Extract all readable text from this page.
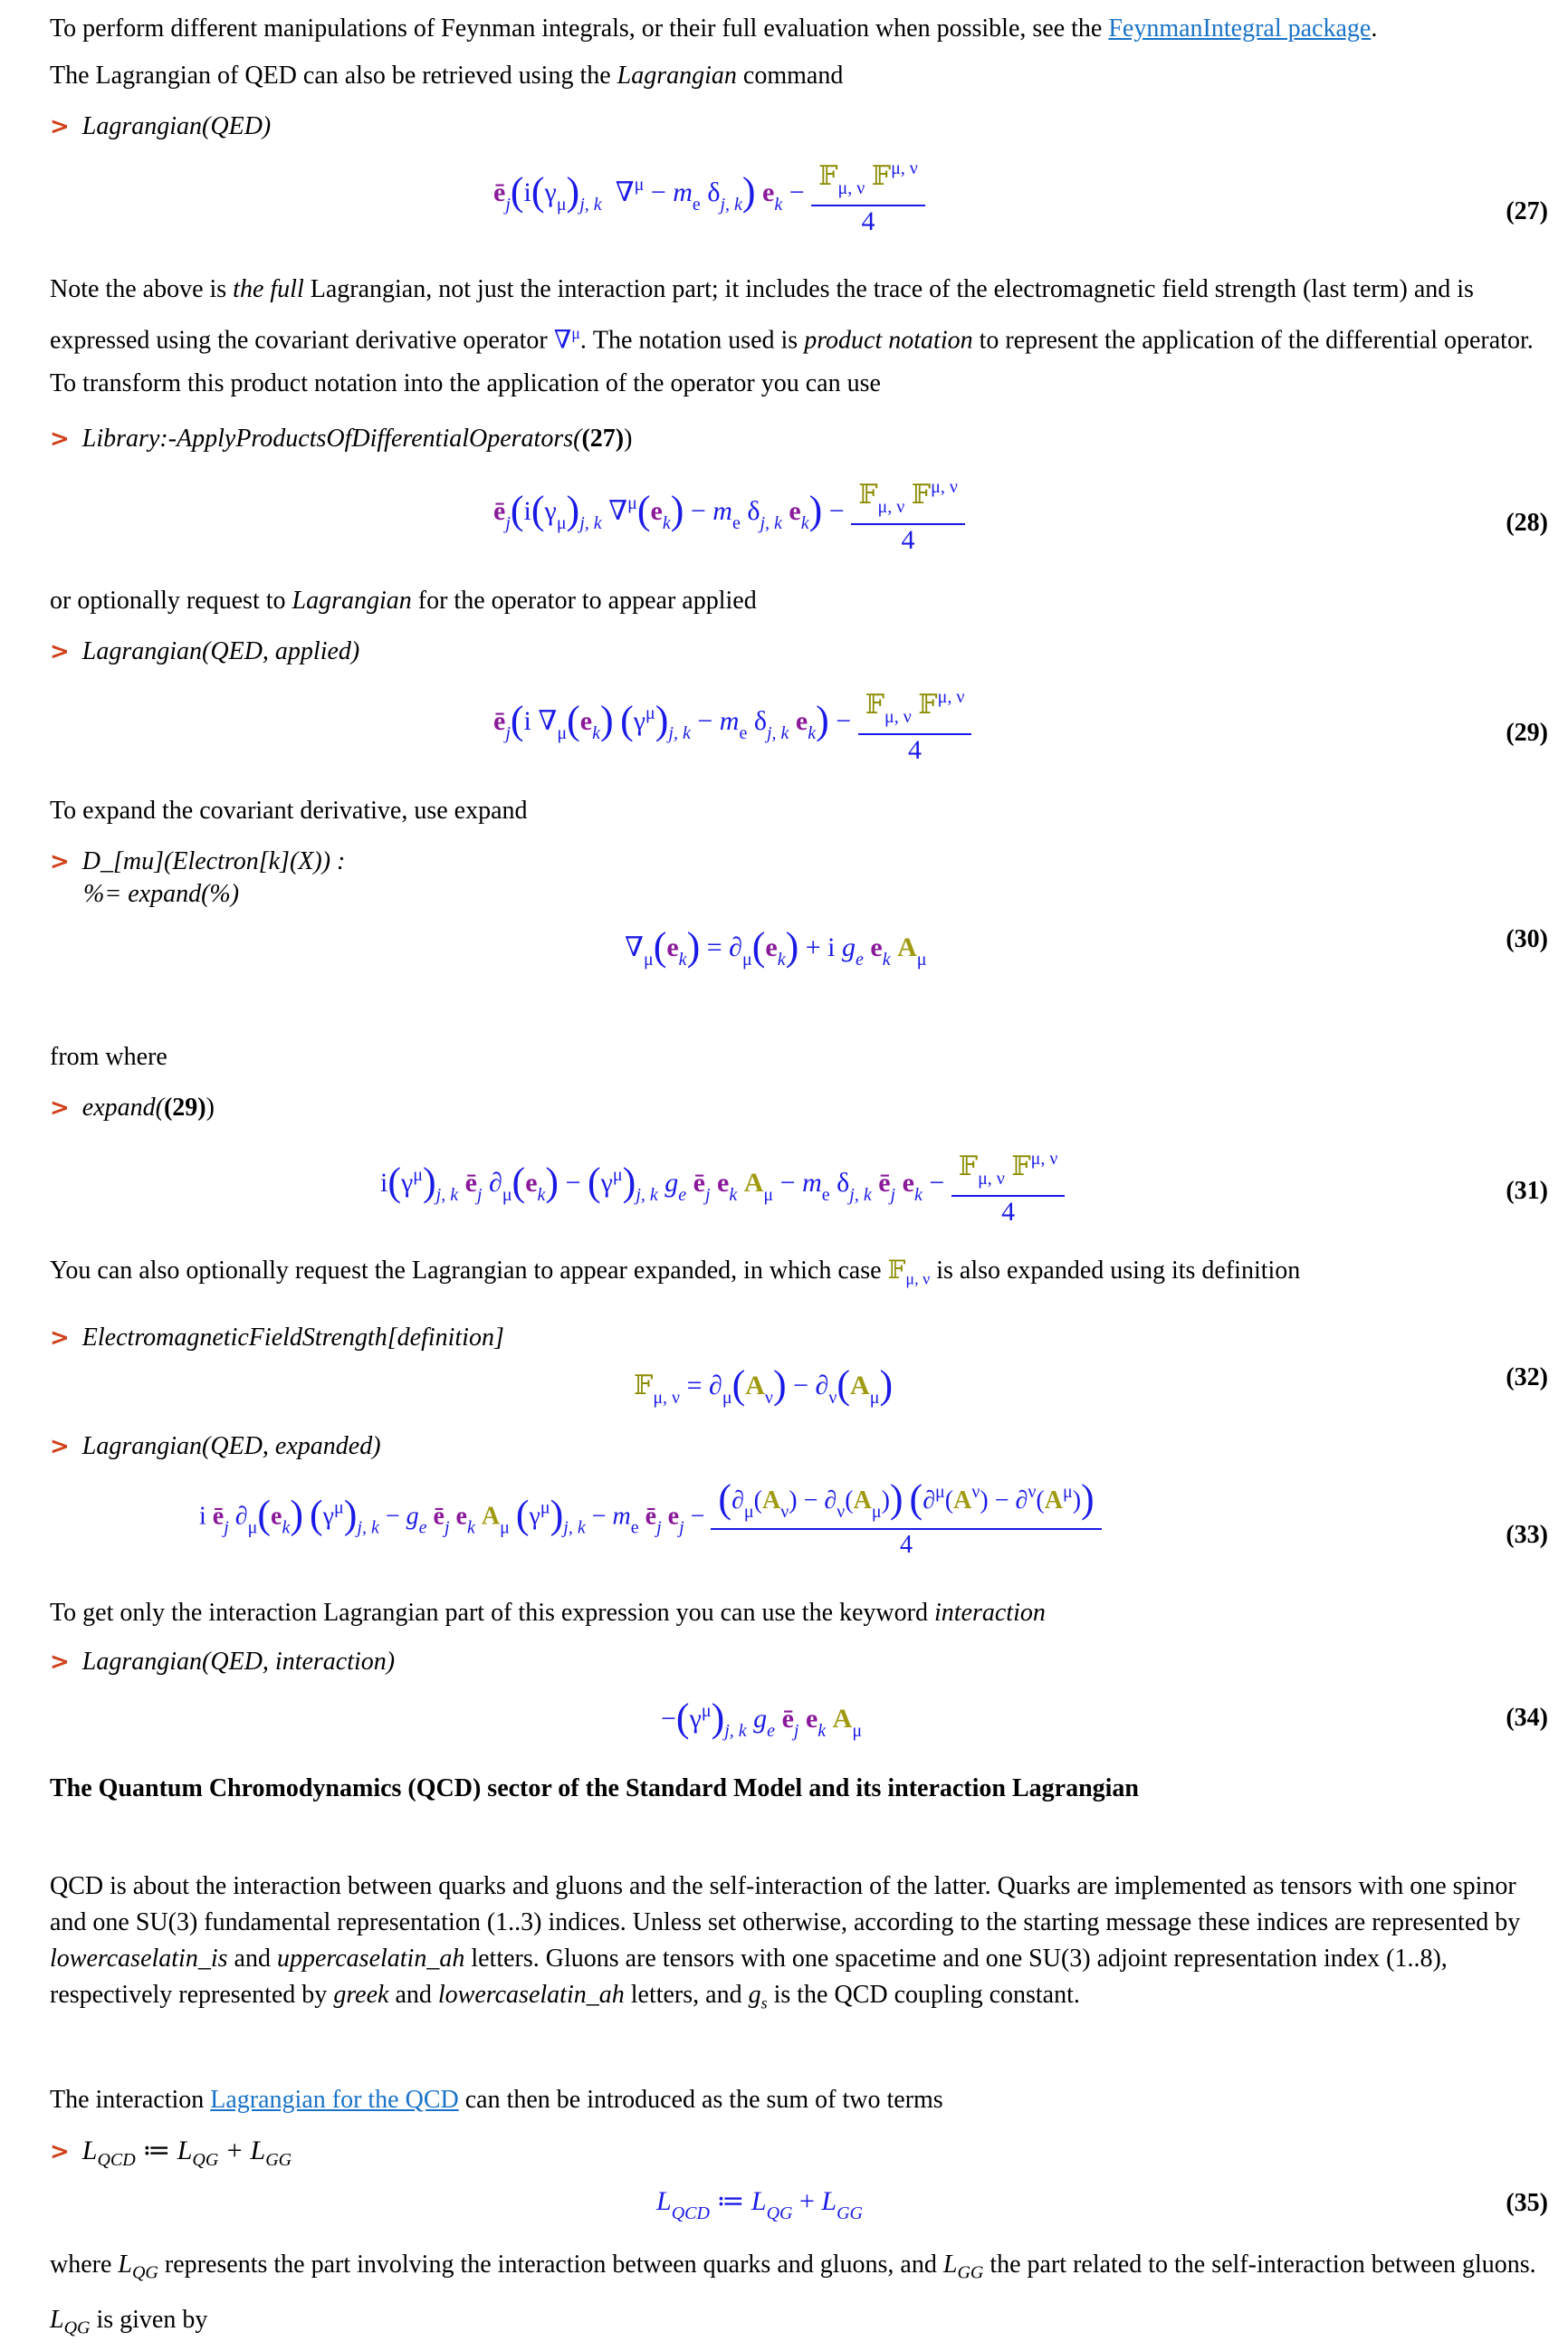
To perform different manipulations of Feynman integrals, or their full evaluation when possible, see the FeynmanIntegral package.
The Lagrangian of QED can also be retrieved using the Lagrangian command
> Lagrangian(QED)
$ē_j(i(\gamma_\mu)_{j, k}$  $\nabla^\mu - m_e$ $\delta_{j, k}$) $e_k - \frac{𝔽_{\mu, \nu} 𝔽^{\mu, \nu}}{4}$	(27)
Note the above is the full Lagrangian, not just the interaction part; it includes the trace of the electromagnetic field strength (last term) and is expressed using the covariant derivative operator ∇$^\mu$. The notation used is product notation to represent the application of the differential operator. To transform this product notation into the application of the operator you can use
> Library:-ApplyProductsOfDifferentialOperators((27))
$ē_j(i(\gamma_\mu)_{j, k}$ $\nabla^\mu(e_k) - m_e$ $\delta_{j, k}$ $e_k) - \frac{𝔽_{\mu, \nu} 𝔽^{\mu, \nu}}{4}$	(28)
or optionally request to Lagrangian for the operator to appear applied
> Lagrangian(QED, applied)
$ē_j(i$ $\nabla_\mu(e_k) (\gamma^\mu)_{j, k} - m_e$ $\delta_{j, k}$ $e_k) - \frac{𝔽_{\mu, \nu} 𝔽^{\mu, \nu}}{4}$	(29)
To expand the covariant derivative, use expand
> D_[mu](Electron[k](X)) :
%= expand(%)
$\nabla_\mu(e_k) = \partial_\mu(e_k) + i$ $g_e$ $e_k$ $A_\mu$
(30)
from where
> expand((29))
$i(\gamma^\mu)_{j, k}$ $ē_j$ $\partial_\mu(e_k) - (\gamma^\mu)_{j, k}$ $g_e$ $ē_j$ $e_k$ $A_\mu - m_e$ $\delta_{j, k}$ $ē_j$ $e_k - \frac{𝔽_{\mu, \nu} 𝔽^{\mu, \nu}}{4}$	(31)
You can also optionally request the Lagrangian to appear expanded, in which case 𝔽$_{\mu, \nu}$ is also expanded using its definition
> ElectromagneticFieldStrength[definition]
𝔽$_{\mu, \nu}$ = $\partial_\mu(A_\nu) - \partial_\nu(A_\mu)$	(32)
> Lagrangian(QED, expanded)
i $ē_j$ $\partial_\mu(e_k) (\gamma^\mu)_{j, k} - g_e$ $ē_j$ $e_k$ $A_\mu$ $(\gamma^\mu)_{j, k} - m_e$ $ē_j$ $e_j - \frac{(\partial_\mu(A_\nu) - \partial_\nu(A_\mu)) (\partial^\mu(A^\nu) - \partial^\nu(A^\mu))}{4}$	(33)
To get only the interaction Lagrangian part of this expression you can use the keyword interaction
> Lagrangian(QED, interaction)
$-(\gamma^\mu)_{j, k}$ $g_e$ $ē_j$ $e_k$ $A_\mu$	(34)
The Quantum Chromodynamics (QCD) sector of the Standard Model and its interaction Lagrangian
QCD is about the interaction between quarks and gluons and the self-interaction of the latter. Quarks are implemented as tensors with one spinor and one SU(3) fundamental representation (1..3) indices. Unless set otherwise, according to the starting message these indices are represented by lowercaselatin_is and uppercaselatin_ah letters. Gluons are tensors with one spacetime and one SU(3) adjoint representation index (1..8), respectively represented by greek and lowercaselatin_ah letters, and $g_s$ is the QCD coupling constant.
The interaction Lagrangian for the QCD can then be introduced as the sum of two terms
> $L_{QCD}$ ≔ $L_{QG} + L_{GG}$
$L_{QCD}$ ≔ $L_{QG} + L_{GG}$	(35)
where $L_{QG}$ represents the part involving the interaction between quarks and gluons, and $L_{GG}$ the part related to the self-interaction between gluons. $L_{QG}$ is given by
